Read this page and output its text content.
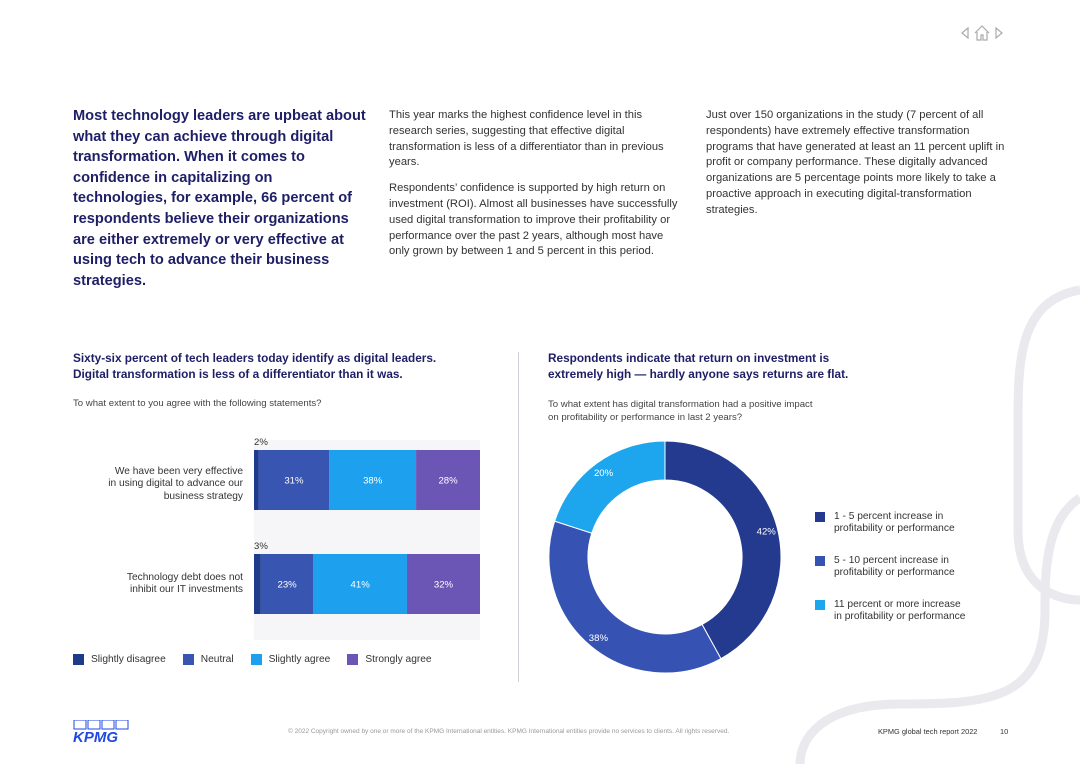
Most technology leaders are upbeat about what they can achieve through digital transformation. When it comes to confidence in capitalizing on technologies, for example, 66 percent of respondents believe their organizations are either extremely or very effective at using tech to advance their business strategies.

This year marks the highest confidence level in this research series, suggesting that effective digital transformation is less of a differentiator than in previous years.

Respondents’ confidence is supported by high return on investment (ROI). Almost all businesses have successfully used digital transformation to improve their profitability or performance over the past 2 years, although most have only grown by between 1 and 5 percent in this period.

Just over 150 organizations in the study (7 percent of all respondents) have extremely effective transformation programs that have generated at least an 11 percent uplift in profit or company performance. These digitally advanced organizations are 5 percentage points more likely to take a proactive approach in executing digital-transformation strategies.

Sixty-six percent of tech leaders today identify as digital leaders.

Digital transformation is less of a differentiator than it was.

To what extent to you agree with the following statements?

We have been very effective
in using digital to advance our
business strategy
Technology debt does not
inhibit our IT investments
2%
31%	38%	28%
3%
23%	41%	32%
Slightly disagree	Neutral	Slightly agree	Strongly agree

Respondents indicate that return on investment is

extremely high — hardly anyone says returns are flat.

To what extent has digital transformation had a positive impact

on profitability or performance in last 2 years?

42%
38%
20%
1 - 5 percent increase in
profitability or performance
5 - 10 percent increase in
profitability or performance
11 percent or more increase
in profitability or performance
KPMG	© 2022 Copyright owned by one or more of the KPMG International entities. KPMG International entities provide no services to clients. All rights reserved.	KPMG global tech report 2022	10
